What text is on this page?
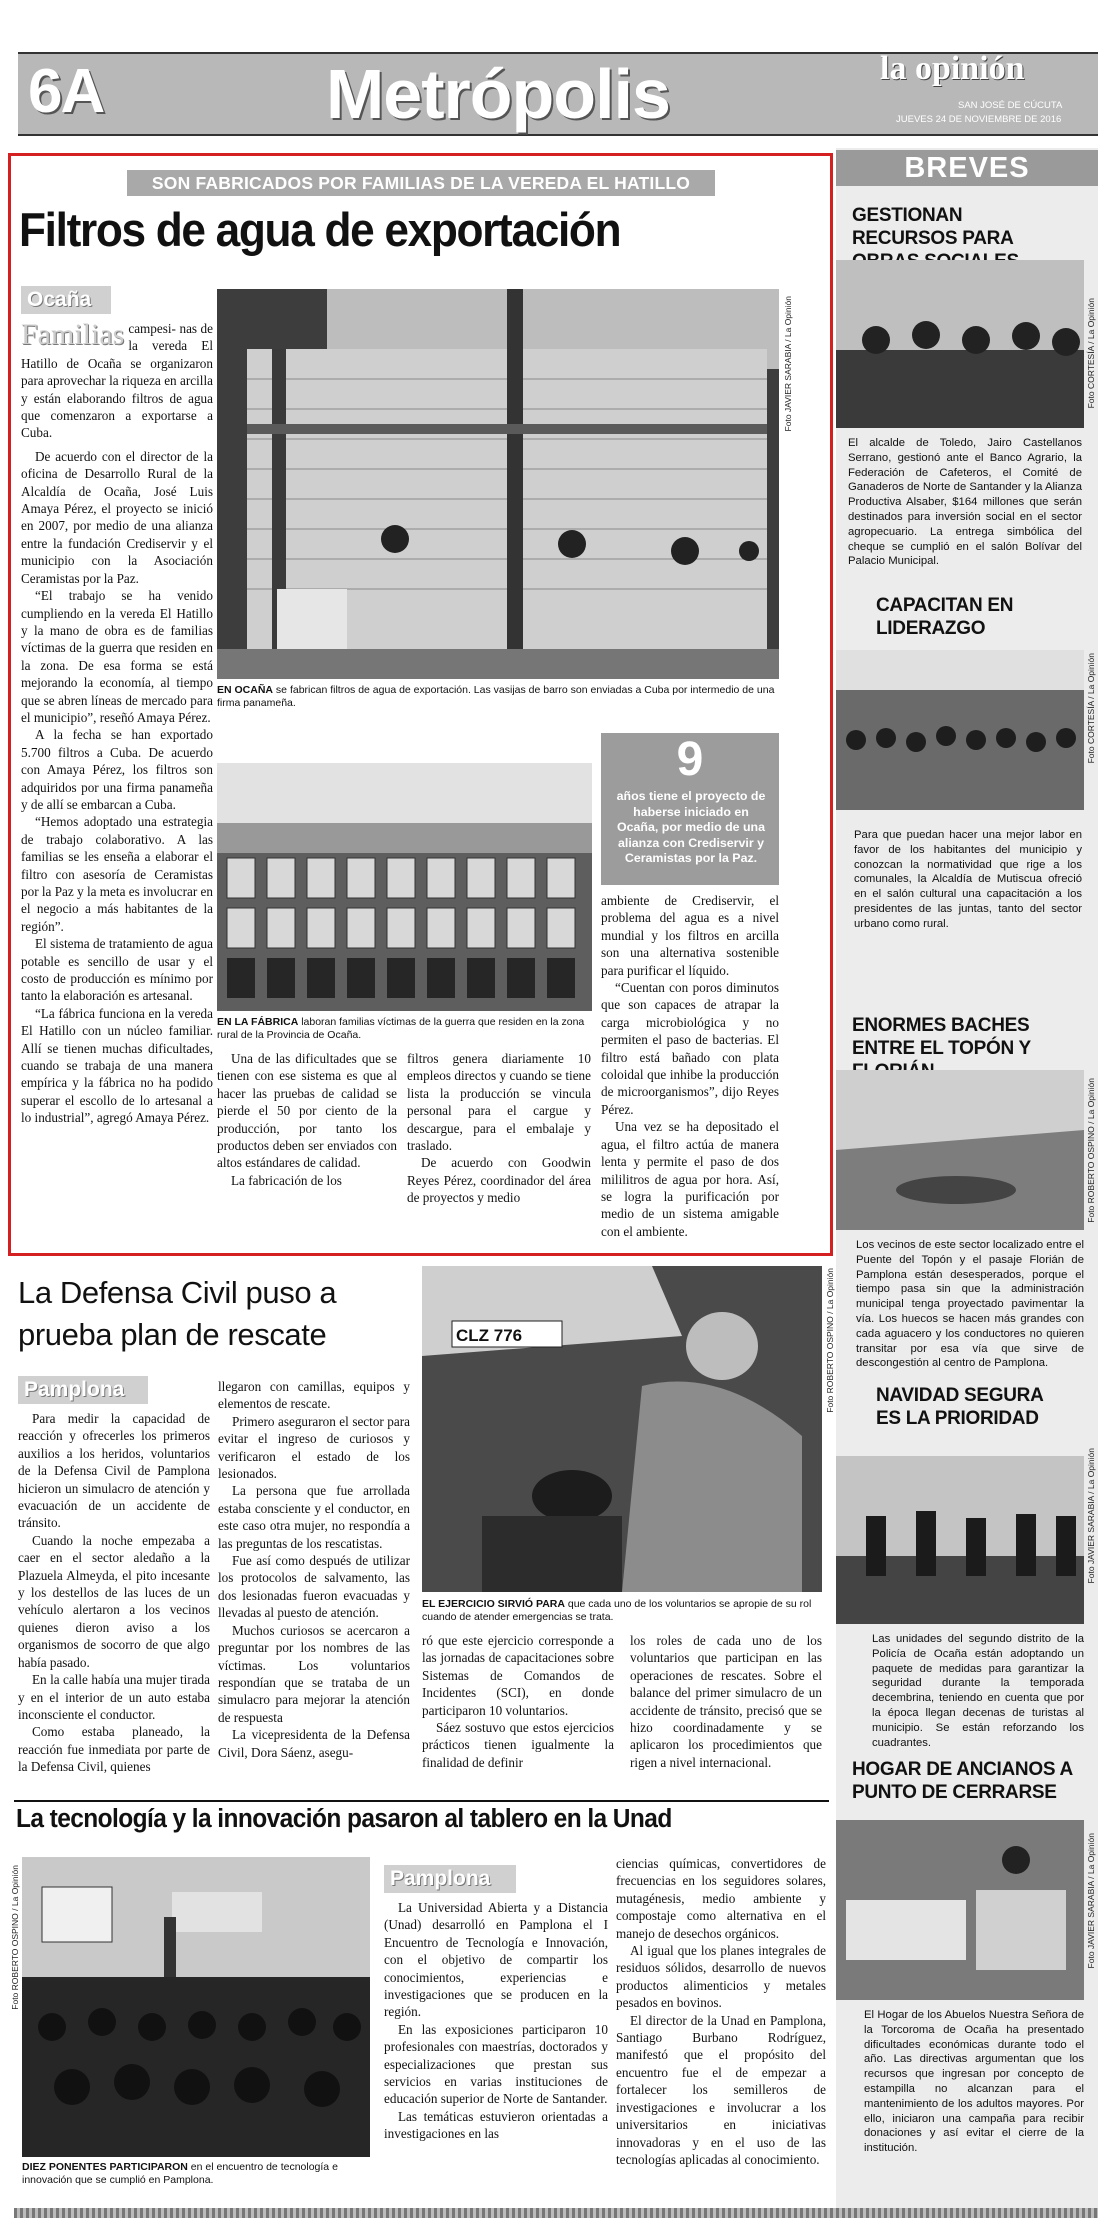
6A	Metrópolis	la opinión
SAN JOSÉ DE CÚCUTA
JUEVES 24 DE NOVIEMBRE DE 2016
SON FABRICADOS POR FAMILIAS DE LA VEREDA EL HATILLO
Filtros de agua de exportación
Ocaña

Familias campesi- nas de la vereda El Hatillo de Ocaña se organizaron para aprovechar la riqueza en arcilla y están elaborando filtros de agua que comenzaron a exportarse a Cuba.

De acuerdo con el director de la oficina de Desarrollo Rural de la Alcaldía de Ocaña, José Luis Amaya Pérez, el proyecto se inició en 2007, por medio de una alianza entre la fundación Crediservir y el municipio con la Asociación Ceramistas por la Paz.

“El trabajo se ha venido cumpliendo en la vereda El Hatillo y la mano de obra es de familias víctimas de la guerra que residen en la zona. De esa forma se está mejorando la economía, al tiempo que se abren líneas de mercado para el municipio”, reseñó Amaya Pérez.

A la fecha se han exportado 5.700 filtros a Cuba. De acuerdo con Amaya Pérez, los filtros son adquiridos por una firma panameña y de allí se embarcan a Cuba.

“Hemos adoptado una estrategia de trabajo colaborativo. A las familias se les enseña a elaborar el filtro con asesoría de Ceramistas por la Paz y la meta es involucrar en el negocio a más habitantes de la región”.

El sistema de tratamiento de agua potable es sencillo de usar y el costo de producción es mínimo por tanto la elaboración es artesanal.

“La fábrica funciona en la vereda El Hatillo con un núcleo familiar. Allí se tienen muchas dificultades, cuando se trabaja de una manera empírica y la fábrica no ha podido superar el escollo de lo artesanal a lo industrial”, agregó Amaya Pérez.

Foto JAVIER SARABIA / La Opinión
EN OCAÑA se fabrican filtros de agua de exportación. Las vasijas de barro son enviadas a Cuba por intermedio de una firma panameña.
EN LA FÁBRICA laboran familias víctimas de la guerra que residen en la zona rural de la Provincia de Ocaña.
9
años tiene el proyecto de haberse iniciado en Ocaña, por medio de una alianza con Crediservir y Ceramistas por la Paz.

ambiente de Crediservir, el problema del agua es a nivel mundial y los filtros en arcilla son una alternativa sostenible para purificar el líquido.

“Cuentan con poros diminutos que son capaces de atrapar la carga microbiológica y no permiten el paso de bacterias. El filtro está bañado con plata coloidal que inhibe la producción de microorganismos”, dijo Reyes Pérez.

Una vez se ha depositado el agua, el filtro actúa de manera lenta y permite el paso de dos mililitros de agua por hora. Así, se logra la purificación por medio de un sistema amigable con el ambiente.

Una de las dificultades que se tienen con ese sistema es que al hacer las pruebas de calidad se pierde el 50 por ciento de la producción, por tanto los productos deben ser enviados con altos estándares de calidad.

La fabricación de los

filtros genera diariamente 10 empleos directos y cuando se tiene lista la producción se vincula personal para el cargue y descargue, para el embalaje y traslado.

De acuerdo con Goodwin Reyes Pérez, coordinador del área de proyectos y medio

La Defensa Civil puso a prueba plan de rescate
Pamplona

Para medir la capacidad de reacción y ofrecerles los primeros auxilios a los heridos, voluntarios de la Defensa Civil de Pamplona hicieron un simulacro de atención y evacuación de un accidente de tránsito.

Cuando la noche empezaba a caer en el sector aledaño a la Plazuela Almeyda, el pito incesante y los destellos de las luces de un vehículo alertaron a los vecinos quienes dieron aviso a los organismos de socorro de que algo había pasado.

En la calle había una mujer tirada y en el interior de un auto estaba inconsciente el conductor.

Como estaba planeado, la reacción fue inmediata por parte de la Defensa Civil, quienes

llegaron con camillas, equipos y elementos de rescate.

Primero aseguraron el sector para evitar el ingreso de curiosos y verificaron el estado de los lesionados.

La persona que fue arrollada estaba consciente y el conductor, en este caso otra mujer, no respondía a las preguntas de los rescatistas.

Fue así como después de utilizar los protocolos de salvamento, las dos lesionadas fueron evacuadas y llevadas al puesto de atención.

Muchos curiosos se acercaron a preguntar por los nombres de las víctimas. Los voluntarios respondían que se trataba de un simulacro para mejorar la atención de respuesta

La vicepresidenta de la Defensa Civil, Dora Sáenz, asegu-

CLZ 776	Foto ROBERTO OSPINO / La Opinión
EL EJERCICIO SIRVIÓ PARA que cada uno de los voluntarios se apropie de su rol cuando de atender emergencias se trata.

ró que este ejercicio corresponde a las jornadas de capacitaciones sobre Sistemas de Comandos de Incidentes (SCI), en donde participaron 10 voluntarios.

Sáez sostuvo que estos ejercicios prácticos tienen igualmente la finalidad de definir

los roles de cada uno de los voluntarios que participan en las operaciones de rescates. Sobre el balance del primer simulacro de un accidente de tránsito, precisó que se hizo coordinadamente y se aplicaron los procedimientos que rigen a nivel internacional.

La tecnología y la innovación pasaron al tablero en la Unad
Foto ROBERTO OSPINO / La Opinión
DIEZ PONENTES PARTICIPARON en el encuentro de tecnología e innovación que se cumplió en Pamplona.
Pamplona

La Universidad Abierta y a Distancia (Unad) desarrolló en Pamplona el I Encuentro de Tecnología e Innovación, con el objetivo de compartir los conocimientos, experiencias e investigaciones que se producen en la región.

En las exposiciones participaron 10 profesionales con maestrías, doctorados y especializaciones que prestan sus servicios en varias instituciones de educación superior de Norte de Santander.

Las temáticas estuvieron orientadas a investigaciones en las

ciencias químicas, convertidores de frecuencias en los seguidores solares, mutagénesis, medio ambiente y compostaje como alternativa en el manejo de desechos orgánicos.

Al igual que los planes integrales de residuos sólidos, desarrollo de nuevos productos alimenticios y metales pesados en bovinos.

El director de la Unad en Pamplona, Santiago Burbano Rodríguez, manifestó que el propósito del encuentro fue el de empezar a fortalecer los semilleros de investigaciones e involucrar a los universitarios en iniciativas innovadoras y en el uso de las tecnologías aplicadas al conocimiento.

BREVES
GESTIONAN RECURSOS PARA
Foto CORTESÍA / La Opinión
El alcalde de Toledo, Jairo Castellanos Serrano, gestionó ante el Banco Agrario, la Federación de Cafeteros, el Comité de Ganaderos de Norte de Santander y la Alianza Productiva Alsaber, $164 millones que serán destinados para inversión social en el sector agropecuario. La entrega simbólica del cheque se cumplió en el salón Bolívar del Palacio Municipal.
CAPACITAN EN LIDERAZGO
Foto CORTESÍA / La Opinión
Para que puedan hacer una mejor labor en favor de los habitantes del municipio y conozcan la normatividad que rige a los comunales, la Alcaldía de Mutiscua ofreció en el salón cultural una capacitación a los presidentes de las juntas, tanto del sector urbano como rural.
ENORMES BACHES ENTRE EL TOPÓN Y
Foto ROBERTO OSPINO / La Opinión
Los vecinos de este sector localizado entre el Puente del Topón y el pasaje Florián de Pamplona están desesperados, porque el tiempo pasa sin que la administración municipal tenga proyectado pavimentar la vía. Los huecos se hacen más grandes con cada aguacero y los conductores no quieren transitar por esa vía que sirve de descongestión al centro de Pamplona.
NAVIDAD SEGURA ES LA PRIORIDAD
Foto JAVIER SARABIA / La Opinión
Las unidades del segundo distrito de la Policía de Ocaña están adoptando un paquete de medidas para garantizar la seguridad durante la temporada decembrina, teniendo en cuenta que por la época llegan decenas de turistas al municipio. Se están reforzando los cuadrantes.
HOGAR DE ANCIANOS A PUNTO DE CERRARSE
Foto JAVIER SARABIA / La Opinión
El Hogar de los Abuelos Nuestra Señora de la Torcoroma de Ocaña ha presentado dificultades económicas durante todo el año. Las directivas argumentan que los recursos que ingresan por concepto de estampilla no alcanzan para el mantenimiento de los adultos mayores. Por ello, iniciaron una campaña para recibir donaciones y así evitar el cierre de la institución.
